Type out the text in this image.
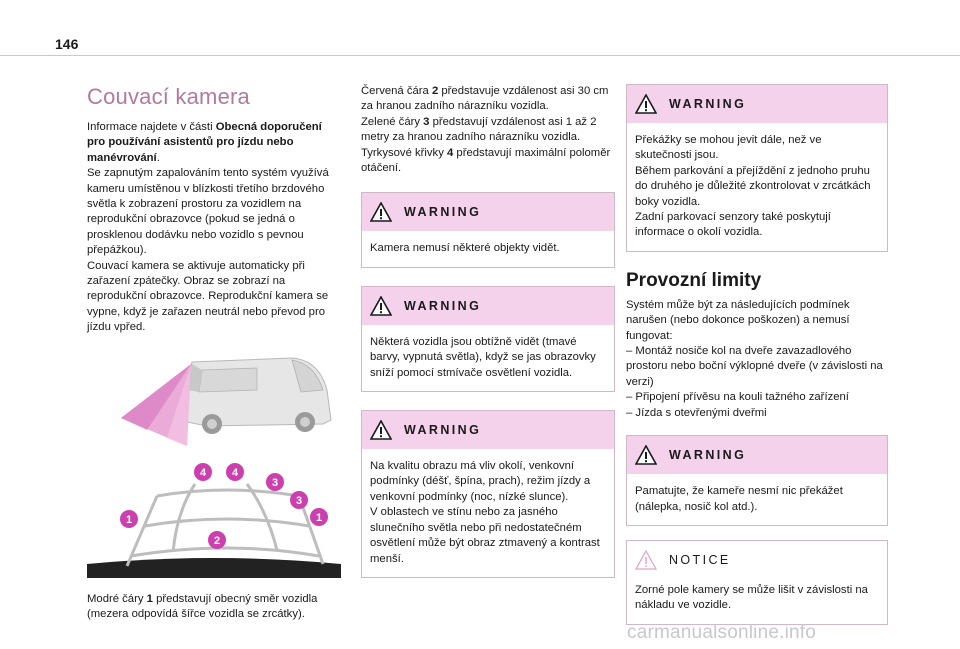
146
Couvací kamera

Informace najdete v části Obecná doporučení pro používání asistentů pro jízdu nebo manévrování.

Se zapnutým zapalováním tento systém využívá kameru umístěnou v blízkosti třetího brzdového světla k zobrazení prostoru za vozidlem na reprodukční obrazovce (pokud se jedná o prosklenou dodávku nebo vozidlo s pevnou přepážkou).

Couvací kamera se aktivuje automaticky při zařazení zpátečky. Obraz se zobrazí na reprodukční obrazovce. Reprodukční kamera se vypne, když je zařazen neutrál nebo převod pro jízdu vpřed.

1	1
2
3
3
4 4

Modré čáry 1 představují obecný směr vozidla (mezera odpovídá šířce vozidla se zrcátky).

Červená čára 2 představuje vzdálenost asi 30 cm za hranou zadního nárazníku vozidla.

Zelené čáry 3 představují vzdálenost asi 1 až 2 metry za hranou zadního nárazníku vozidla.

Tyrkysové křivky 4 představují maximální poloměr otáčení.

WARNING
Kamera nemusí některé objekty vidět.
WARNING
Některá vozidla jsou obtížně vidět (tmavé barvy, vypnutá světla), když se jas obrazovky sníží pomocí stmívače osvětlení vozidla.
WARNING
Na kvalitu obrazu má vliv okolí, venkovní podmínky (déšť, špína, prach), režim jízdy a venkovní podmínky (noc, nízké slunce).
V oblastech ve stínu nebo za jasného slunečního světla nebo při nedostatečném osvětlení může být obraz ztmavený a kontrast menší.
WARNING
Překážky se mohou jevit dále, než ve skutečnosti jsou.
Během parkování a přejíždění z jednoho pruhu do druhého je důležité zkontrolovat v zrcátkách boky vozidla.
Zadní parkovací senzory také poskytují informace o okolí vozidla.
Provozní limity

Systém může být za následujících podmínek narušen (nebo dokonce poškozen) a nemusí fungovat:

– Montáž nosiče kol na dveře zavazadlového prostoru nebo boční výklopné dveře (v závislosti na verzi)
– Připojení přívěsu na kouli tažného zařízení
– Jízda s otevřenými dveřmi
WARNING
Pamatujte, že kameře nesmí nic překážet (nálepka, nosič kol atd.).
NOTICE
Zorné pole kamery se může lišit v závislosti na nákladu ve vozidle.
carmanualsonline.info
